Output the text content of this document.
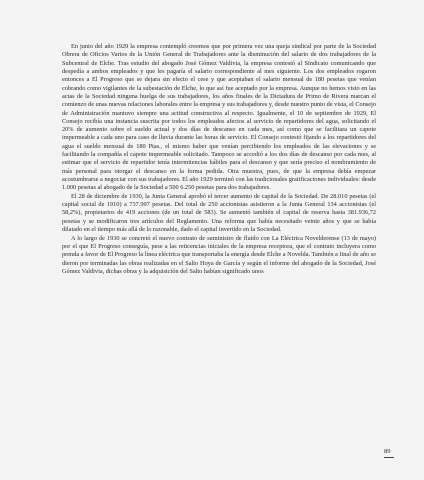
En junio del año 1929 la empresa contempló creemos que por primera vez una queja sindical por parte de la Sociedad Obrera de Oficios Varios de la Unión General de Trabajadores ante la disminución del salario de dos trabajadores de la Subcentral de Elche. Tras estudio del abogado José Gómez Valdivia, la empresa contestó al Sindicato comunicando que despedía a ambos empleados y que les pagaría el salario correspondiente al mes siguiente. Los dos empleados rogaron entonces a El Progreso que se dejara sin efecto el cese y que aceptaban el salario mensual de 180 pesetas que venían cobrando como vigilantes de la subestación de Elche, lo que así fue aceptado por la empresa. Aunque no hemos visto en las actas de la Sociedad ninguna huelga de sus trabajadores, los años finales de la Dictadura de Primo de Rivera marcan el comienzo de unas nuevas relaciones laborales entre la empresa y sus trabajadores y, desde nuestro punto de vista, el Consejo de Administración mantuvo siempre una actitud constructiva al respecto. Igualmente, el 10 de septiembre de 1929, El Consejo recibía una instancia suscrita por todos los empleados afectos al servicio de repartidores del agua, solicitando el 20% de aumento sobre el sueldo actual y dos días de descanso en cada mes, así como que se facilitara un capote impermeable a cada uno para caso de lluvia durante las horas de servicio. El Consejo contestó fijando a los repartidores del agua el sueldo mensual de 180 Ptas., el mismo haber que venían percibiendo los empleados de las elevaciones y se facilitando la compañía el capote impermeable solicitado. Tampoco se accedió a los dos días de descanso por cada mes, al estimar que el servicio de repartidor tenía intermitencias hábiles para el descanso y que sería preciso el nombramiento de más personal para otorgar el descanso en la forma pedida. Otra muestra, pues, de que la empresa debía empezar acostumbrarse a negociar con sus trabajadores. El año 1929 terminó con las tradicionales gratificaciones individuales: desde 1.000 pesetas al abogado de la Sociedad a 500 6.250 pesetas para dos trabajadores.

El 28 de diciembre de 1930, la Junta General aprobó el tercer aumento de capital de la Sociedad. De 28.010 pesetas (el capital social de 1910) a 737.997 pesetas. Del total de 250 accionistas asistieron a la Junta General 134 accionistas (el 58,2%), propietarios de 419 acciones (de un total de 583). Se aumentó también el capital de reserva hasta 381.936,72 pesetas y se modificaron tres artículos del Reglamento. Una reforma que había necesitado veinte años y que se había dilatado en el tiempo más allá de lo razonable, dado el capital invertido en la Sociedad.

A lo largo de 1930 se concretó el nuevo contrato de suministro de fluido con La Eléctrica Novelderense (13 de mayo) por el que El Progreso conseguía, pese a las reticencias iniciales de la empresa receptora, que el contrato incluyera como prenda a favor de El Progreso la línea eléctrica que transportaba la energía desde Elche a Novelda. También a final de año se dieron por terminadas las obras realizadas en el Salto Hoya de García y según el informe del abogado de la Sociedad, José Gómez Valdivia, dichas obras y la adquisición del Salto habían significado unos

89
